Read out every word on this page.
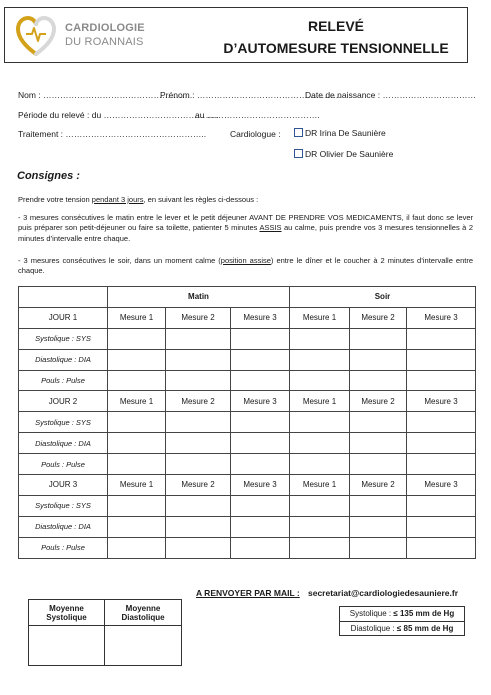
CARDIOLOGIE
DU ROANNAIS
RELEVÉ
D’AUTOMESURE TENSIONNELLE
Nom : ……………………………………………..
Prénom : ……………………………………………
Date de naissance : ……………………………
Période du relevé : du …………………………………..
au ………………………………….
Traitement : …………………………………………..	Cardiologue :	DR Irina De Saunière
DR Olivier De Saunière
Consignes :
Prendre votre tension pendant 3 jours, en suivant les règles ci-dessous :
- 3 mesures consécutives le matin entre le lever et le petit déjeuner AVANT DE PRENDRE VOS MEDICAMENTS, il faut donc se lever puis préparer son petit-déjeuner ou faire sa toilette, patienter 5 minutes ASSIS au calme, puis prendre vos 3 mesures tensionnelles à 2 minutes d’intervalle entre chaque.
- 3 mesures consécutives le soir, dans un moment calme (position assise) entre le dîner et le coucher à 2 minutes d’intervalle entre chaque.
	Matin			Soir		
JOUR 1	Mesure 1	Mesure 2	Mesure 3	Mesure 1	Mesure 2	Mesure 3
Systolique : SYS						
Diastolique : DIA						
Pouls : Pulse						
JOUR 2	Mesure 1	Mesure 2	Mesure 3	Mesure 1	Mesure 2	Mesure 3
Systolique : SYS						
Diastolique : DIA						
Pouls : Pulse						
JOUR 3	Mesure 1	Mesure 2	Mesure 3	Mesure 1	Mesure 2	Mesure 3
Systolique : SYS						
Diastolique : DIA						
Pouls : Pulse						
A RENVOYER PAR MAIL : secretariat@cardiologiedesauniere.fr
Moyenne Systolique	Moyenne Diastolique
		Systolique : ≤ 135 mm de Hg
Diastolique : ≤ 85 mm de Hg
